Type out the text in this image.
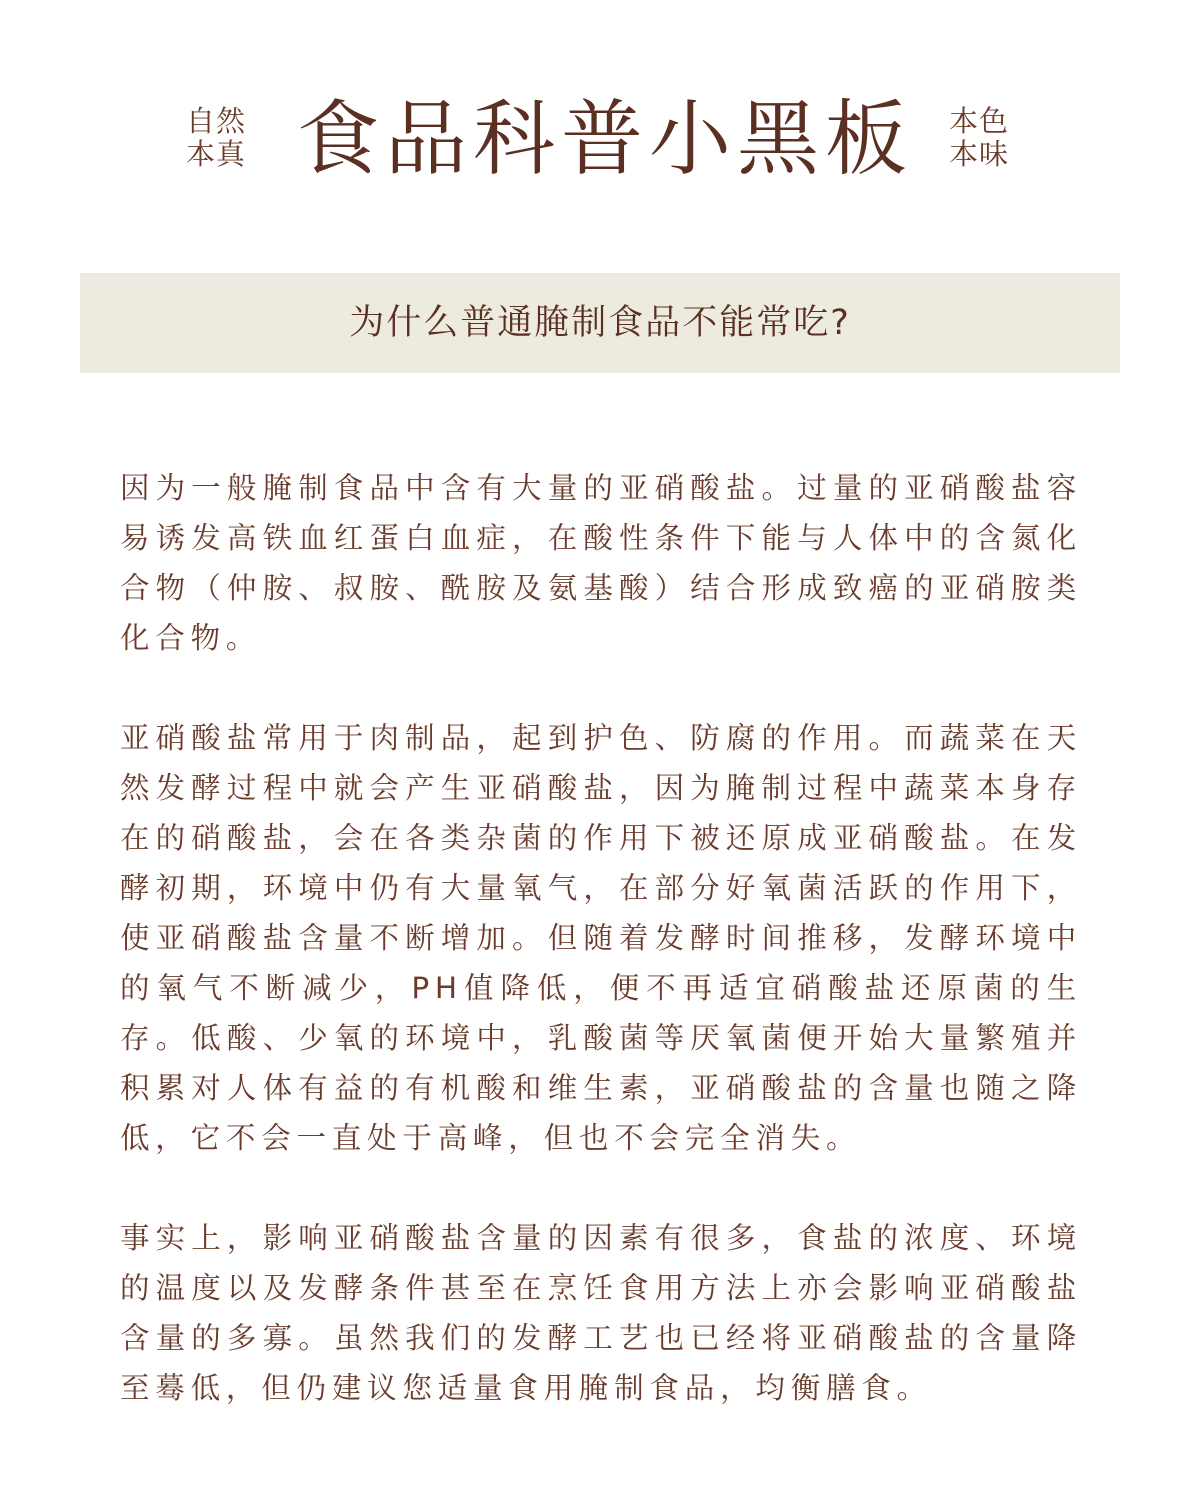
自然
本真 食品科普小黑板 本色
本味
为什么普通腌制食品不能常吃?

因为一般腌制食品中含有大量的亚硝酸盐。过量的亚硝酸盐容易诱发高铁血红蛋白血症，在酸性条件下能与人体中的含氮化合物（仲胺、叔胺、酰胺及氨基酸）结合形成致癌的亚硝胺类化合物。

亚硝酸盐常用于肉制品，起到护色、防腐的作用。而蔬菜在天然发酵过程中就会产生亚硝酸盐，因为腌制过程中蔬菜本身存在的硝酸盐，会在各类杂菌的作用下被还原成亚硝酸盐。在发酵初期，环境中仍有大量氧气，在部分好氧菌活跃的作用下，使亚硝酸盐含量不断增加。但随着发酵时间推移，发酵环境中的氧气不断减少，PH值降低，便不再适宜硝酸盐还原菌的生存。低酸、少氧的环境中，乳酸菌等厌氧菌便开始大量繁殖并积累对人体有益的有机酸和维生素，亚硝酸盐的含量也随之降低，它不会一直处于高峰，但也不会完全消失。

事实上，影响亚硝酸盐含量的因素有很多，食盐的浓度、环境的温度以及发酵条件甚至在烹饪食用方法上亦会影响亚硝酸盐含量的多寡。虽然我们的发酵工艺也已经将亚硝酸盐的含量降至蓦低，但仍建议您适量食用腌制食品，均衡膳食。
